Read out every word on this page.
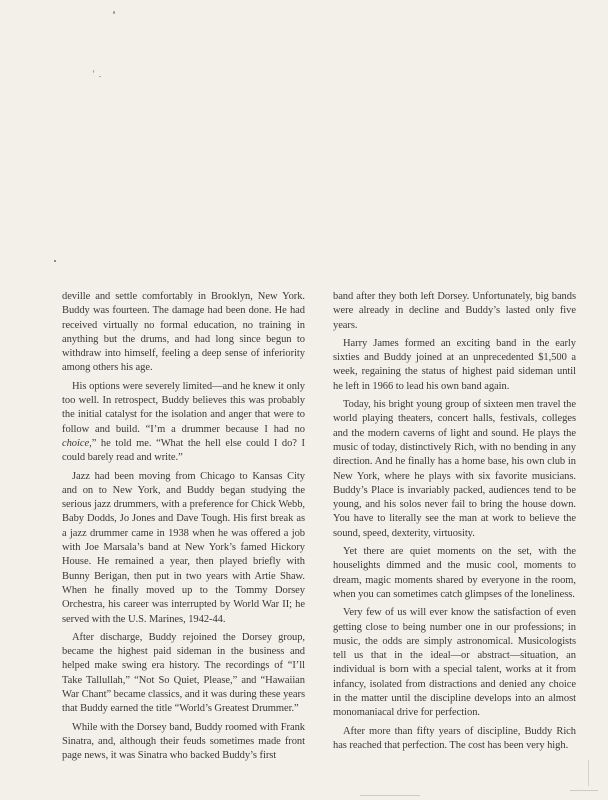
deville and settle comfortably in Brooklyn, New York. Buddy was fourteen. The damage had been done. He had received virtually no formal education, no training in anything but the drums, and had long since begun to withdraw into himself, feeling a deep sense of inferiority among others his age.

His options were severely limited—and he knew it only too well. In retrospect, Buddy believes this was probably the initial catalyst for the isolation and anger that were to follow and build. “I’m a drummer because I had no choice,” he told me. “What the hell else could I do? I could barely read and write.”

Jazz had been moving from Chicago to Kansas City and on to New York, and Buddy began studying the serious jazz drummers, with a preference for Chick Webb, Baby Dodds, Jo Jones and Dave Tough. His first break as a jazz drummer came in 1938 when he was offered a job with Joe Marsala’s band at New York’s famed Hickory House. He remained a year, then played briefly with Bunny Berigan, then put in two years with Artie Shaw. When he finally moved up to the Tommy Dorsey Orchestra, his career was interrupted by World War II; he served with the U.S. Marines, 1942-44.

After discharge, Buddy rejoined the Dorsey group, became the highest paid sideman in the business and helped make swing era history. The recordings of “I’ll Take Tallullah,” “Not So Quiet, Please,” and “Hawaiian War Chant” became classics, and it was during these years that Buddy earned the title “World’s Greatest Drummer.”

While with the Dorsey band, Buddy roomed with Frank Sinatra, and, although their feuds sometimes made front page news, it was Sinatra who backed Buddy’s first

band after they both left Dorsey. Unfortunately, big bands were already in decline and Buddy’s lasted only five years.

Harry James formed an exciting band in the early sixties and Buddy joined at an unprecedented $1,500 a week, regaining the status of highest paid sideman until he left in 1966 to lead his own band again.

Today, his bright young group of sixteen men travel the world playing theaters, concert halls, festivals, colleges and the modern caverns of light and sound. He plays the music of today, distinctively Rich, with no bending in any direction. And he finally has a home base, his own club in New York, where he plays with six favorite musicians. Buddy’s Place is invariably packed, audiences tend to be young, and his solos never fail to bring the house down. You have to literally see the man at work to believe the sound, speed, dexterity, virtuosity.

Yet there are quiet moments on the set, with the houselights dimmed and the music cool, moments to dream, magic moments shared by everyone in the room, when you can sometimes catch glimpses of the loneliness.

Very few of us will ever know the satisfaction of even getting close to being number one in our professions; in music, the odds are simply astronomical. Musicologists tell us that in the ideal—or abstract—situation, an individual is born with a special talent, works at it from infancy, isolated from distractions and denied any choice in the matter until the discipline develops into an almost monomaniacal drive for perfection.

After more than fifty years of discipline, Buddy Rich has reached that perfection. The cost has been very high.
